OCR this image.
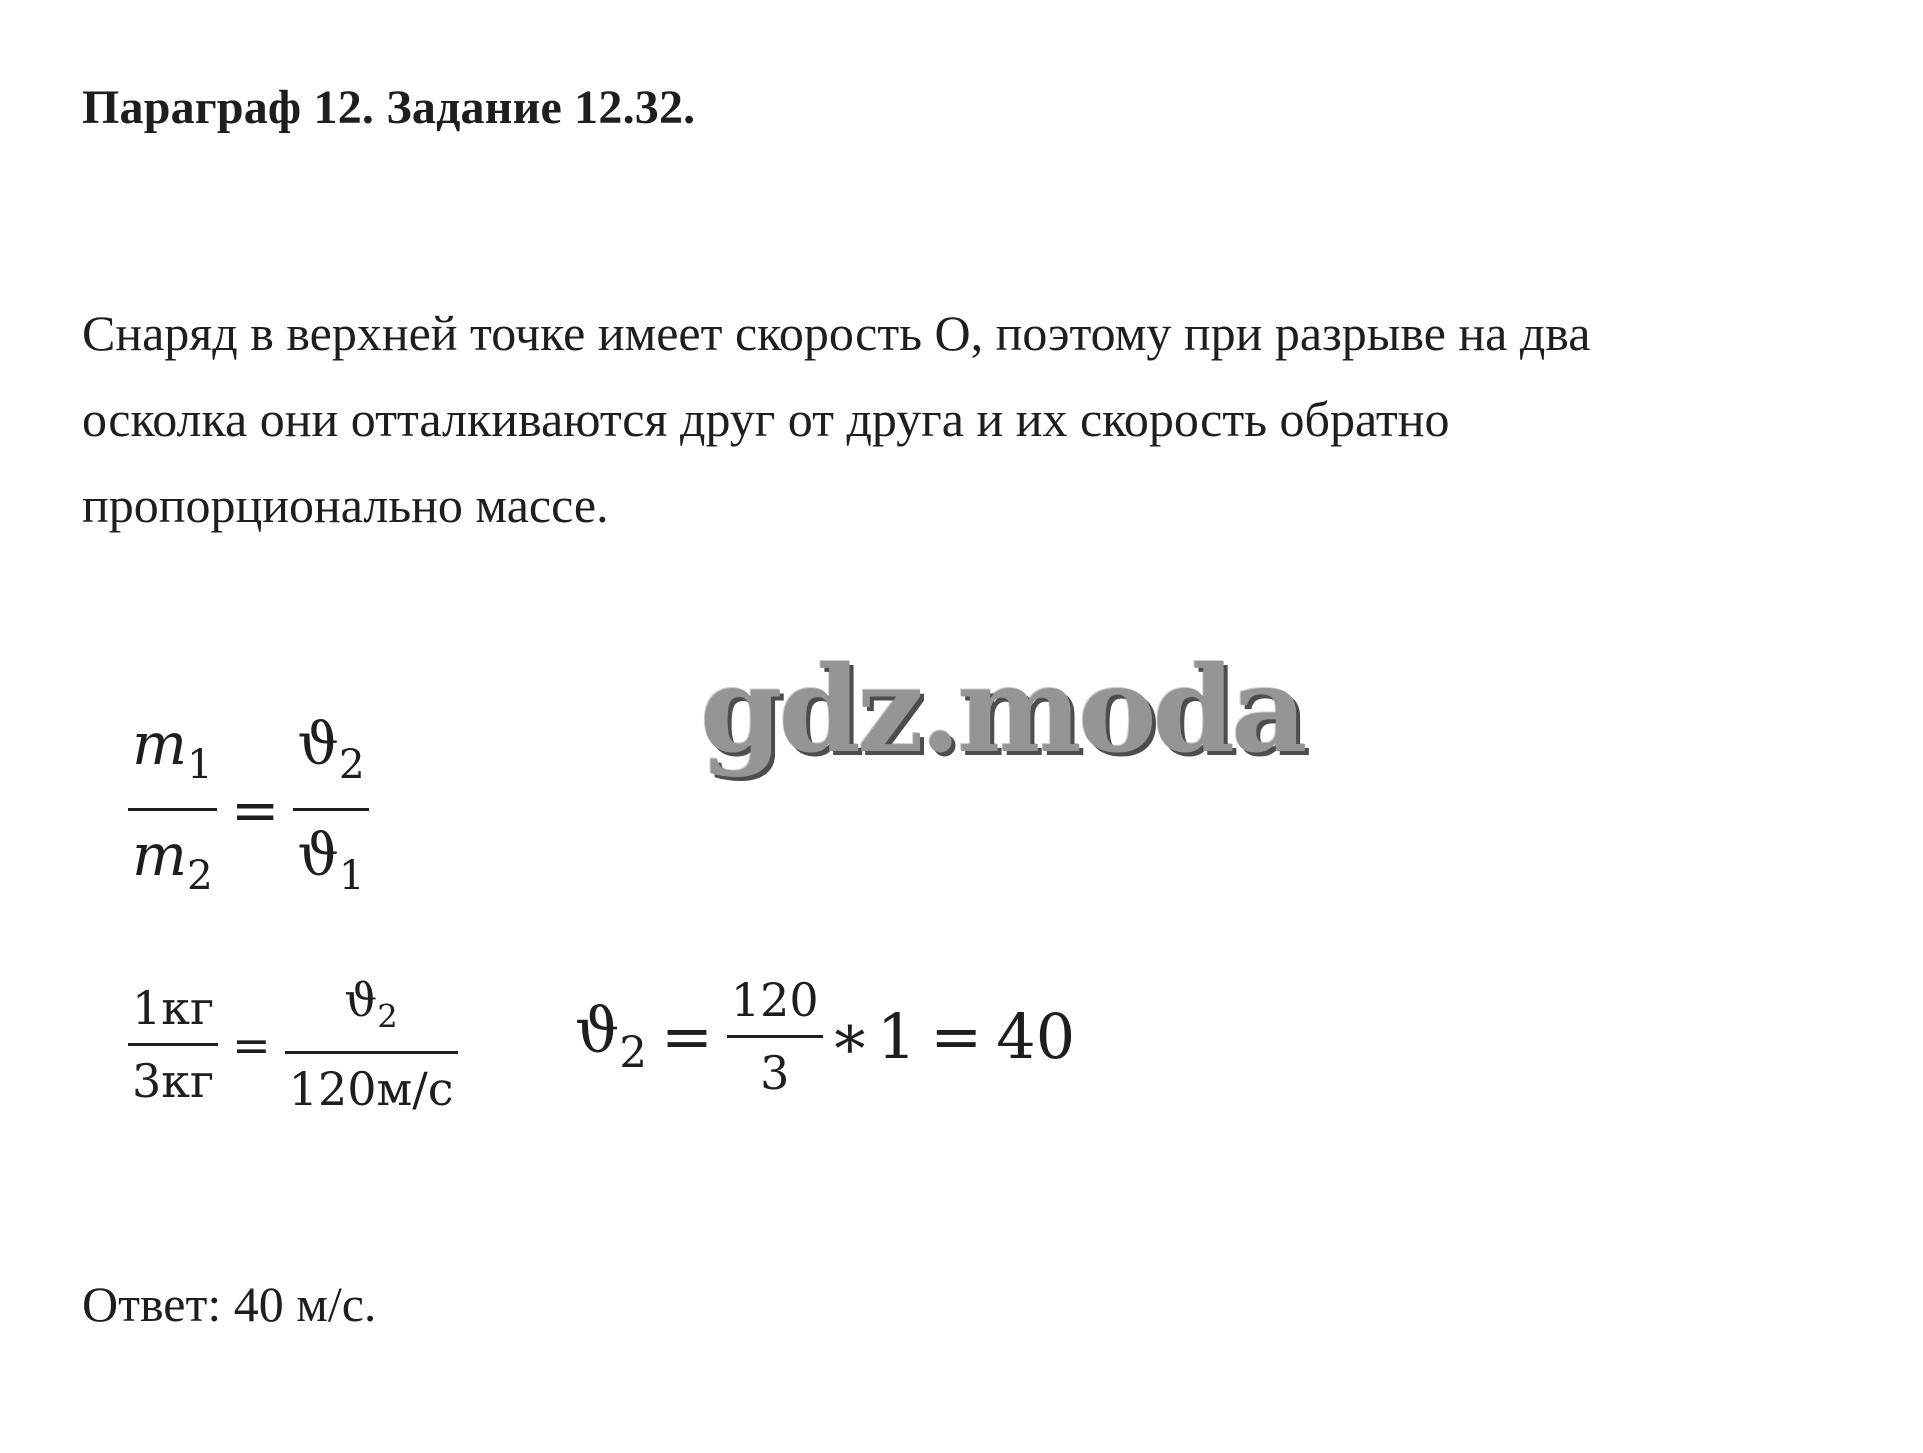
Параграф 12. Задание 12.32.

Снаряд в верхней точке имеет скорость О, поэтому при разрыве на два
осколка они отталкиваются друг от друга и их скорость обратно
пропорционально массе.

gdz.moda
$\frac{m_1}{m_2} = \frac{ϑ_2}{ϑ_1}$
$\frac{1кг}{3кг} = \frac{ϑ_2}{120м/с} ϑ_2 = \frac{120}{3}$ ∗ 1 = 40

Ответ: 40 м/с.
